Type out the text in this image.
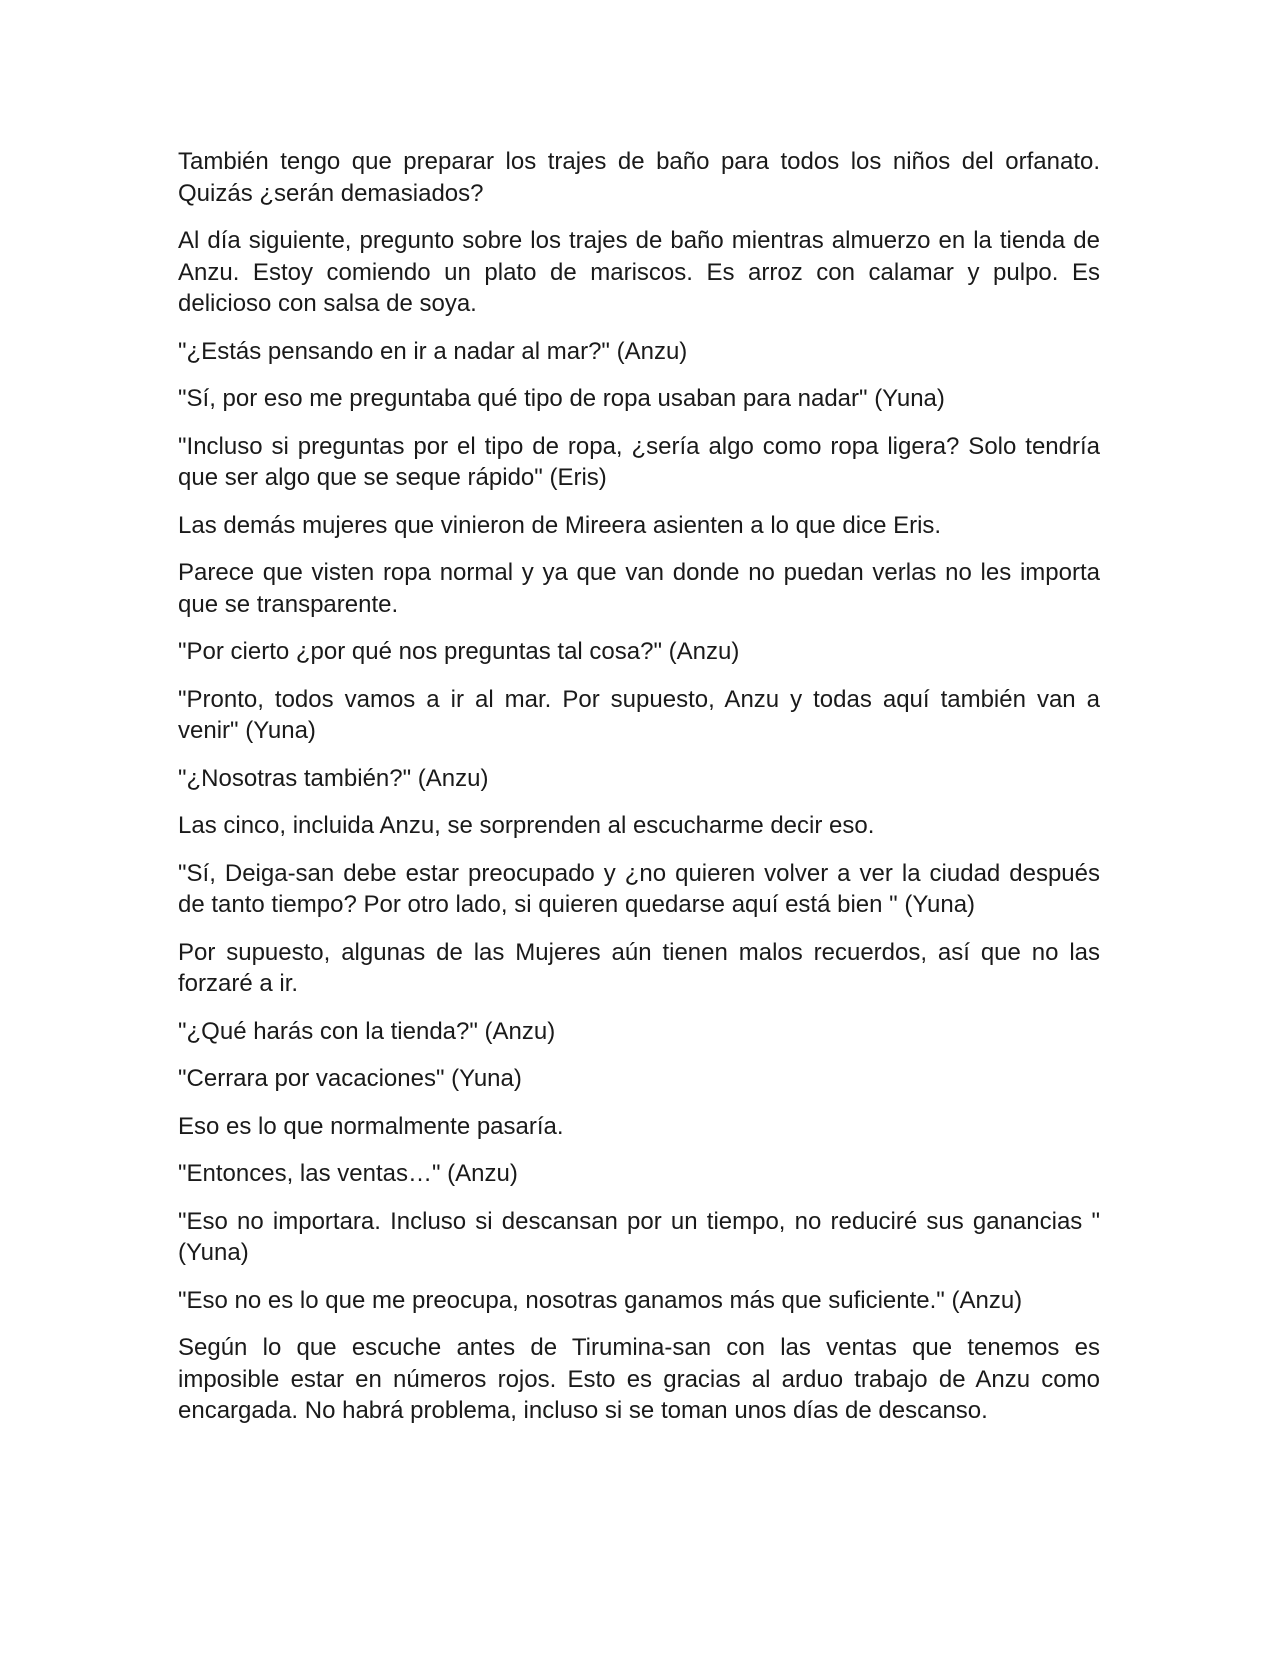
También tengo que preparar los trajes de baño para todos los niños del orfanato. Quizás ¿serán demasiados?

Al día siguiente, pregunto sobre los trajes de baño mientras almuerzo en la tienda de Anzu. Estoy comiendo un plato de mariscos. Es arroz con calamar y pulpo. Es delicioso con salsa de soya.

"¿Estás pensando en ir a nadar al mar?" (Anzu)

"Sí, por eso me preguntaba qué tipo de ropa usaban para nadar" (Yuna)

"Incluso si preguntas por el tipo de ropa, ¿sería algo como ropa ligera? Solo tendría que ser algo que se seque rápido" (Eris)

Las demás mujeres que vinieron de Mireera asienten a lo que dice Eris.

Parece que visten ropa normal y ya que van donde no puedan verlas no les importa que se transparente.

"Por cierto ¿por qué nos preguntas tal cosa?" (Anzu)

"Pronto, todos vamos a ir al mar. Por supuesto, Anzu y todas aquí también van a venir" (Yuna)

"¿Nosotras también?" (Anzu)

Las cinco, incluida Anzu, se sorprenden al escucharme decir eso.

"Sí, Deiga-san debe estar preocupado y ¿no quieren volver a ver la ciudad después de tanto tiempo? Por otro lado, si quieren quedarse aquí está bien " (Yuna)

Por supuesto, algunas de las Mujeres aún tienen malos recuerdos, así que no las forzaré a ir.

"¿Qué harás con la tienda?" (Anzu)

"Cerrara por vacaciones" (Yuna)

Eso es lo que normalmente pasaría.

"Entonces, las ventas…" (Anzu)

"Eso no importara. Incluso si descansan por un tiempo, no reduciré sus ganancias " (Yuna)

"Eso no es lo que me preocupa, nosotras ganamos más que suficiente." (Anzu)

Según lo que escuche antes de Tirumina-san con las ventas que tenemos es imposible estar en números rojos. Esto es gracias al arduo trabajo de Anzu como encargada. No habrá problema, incluso si se toman unos días de descanso.
